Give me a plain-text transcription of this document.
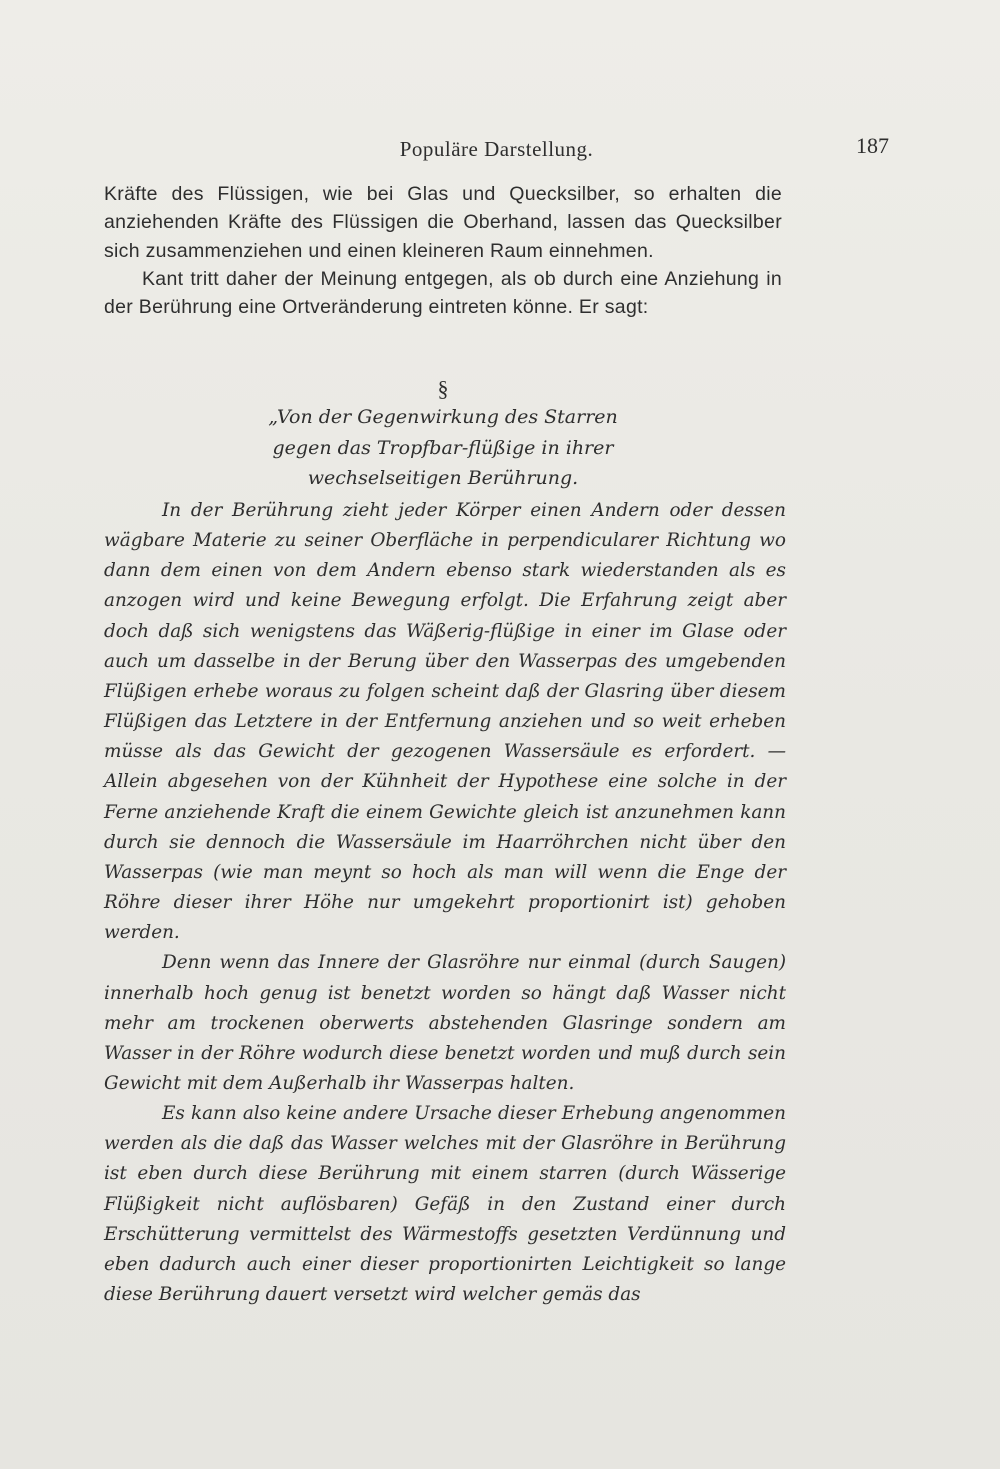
Populäre Darstellung.	187

Kräfte des Flüssigen, wie bei Glas und Quecksilber, so erhalten die anziehenden Kräfte des Flüssigen die Oberhand, lassen das Quecksilber sich zusammenziehen und einen kleineren Raum einnehmen.

Kant tritt daher der Meinung entgegen, als ob durch eine Anziehung in der Berührung eine Ortveränderung eintreten könne. Er sagt:

§
„Von der Gegenwirkung des Starren
gegen das Tropfbar-flüßige in ihrer
wechselseitigen Berührung.

In der Berührung zieht jeder Körper einen Andern oder dessen wägbare Materie zu seiner Oberfläche in perpendicularer Richtung wo dann dem einen von dem Andern ebenso stark wiederstanden als es anzogen wird und keine Bewegung erfolgt. Die Erfahrung zeigt aber doch daß sich wenigstens das Wäßerig-flüßige in einer im Glase oder auch um dasselbe in der Berung über den Wasserpas des umgebenden Flüßigen erhebe woraus zu folgen scheint daß der Glasring über diesem Flüßigen das Letztere in der Entfernung anziehen und so weit erheben müsse als das Gewicht der gezogenen Wassersäule es erfordert. — Allein abgesehen von der Kühnheit der Hypothese eine solche in der Ferne anziehende Kraft die einem Gewichte gleich ist anzunehmen kann durch sie dennoch die Wassersäule im Haarröhrchen nicht über den Wasserpas (wie man meynt so hoch als man will wenn die Enge der Röhre dieser ihrer Höhe nur umgekehrt proportionirt ist) gehoben werden.

Denn wenn das Innere der Glasröhre nur einmal (durch Saugen) innerhalb hoch genug ist benetzt worden so hängt daß Wasser nicht mehr am trockenen oberwerts abstehenden Glasringe sondern am Wasser in der Röhre wodurch diese benetzt worden und muß durch sein Gewicht mit dem Außerhalb ihr Wasserpas halten.

Es kann also keine andere Ursache dieser Erhebung angenommen werden als die daß das Wasser welches mit der Glasröhre in Berührung ist eben durch diese Berührung mit einem starren (durch Wässerige Flüßigkeit nicht auflösbaren) Gefäß in den Zustand einer durch Erschütterung vermittelst des Wärmestoffs gesetzten Verdünnung und eben dadurch auch einer dieser proportionirten Leichtigkeit so lange diese Berührung dauert versetzt wird welcher gemäs das
